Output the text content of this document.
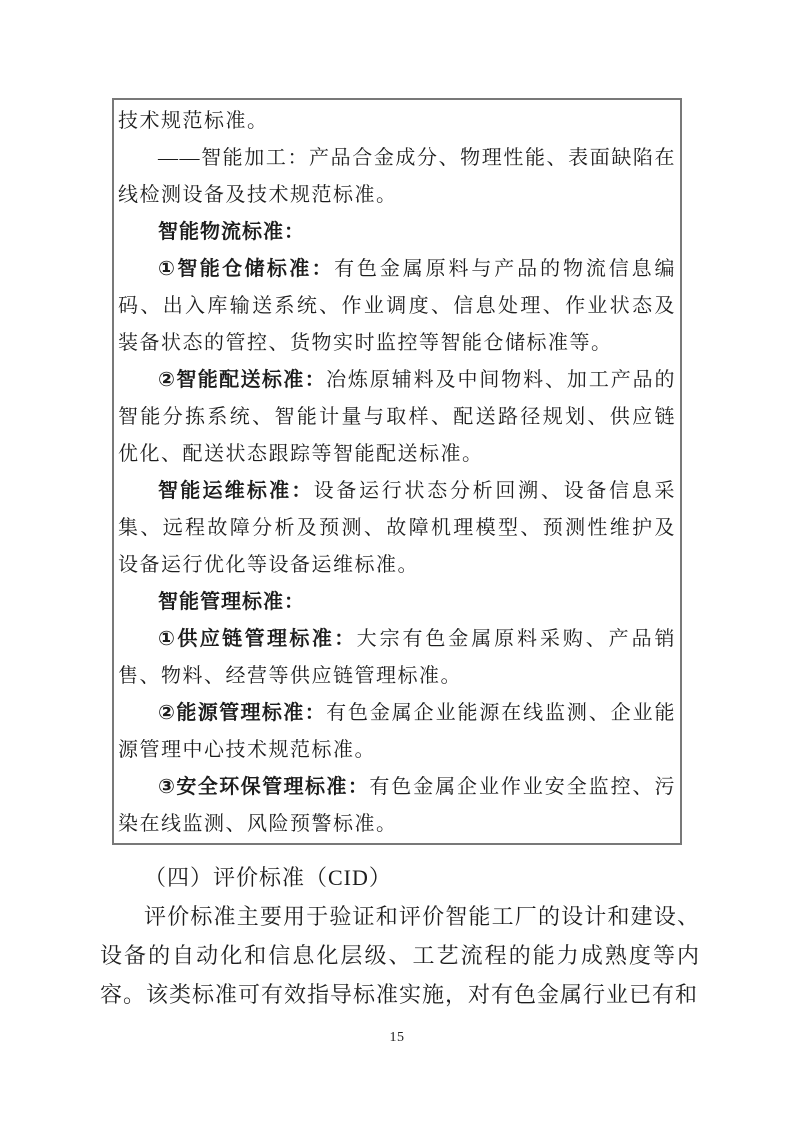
技术规范标准。

——智能加工：产品合金成分、物理性能、表面缺陷在线检测设备及技术规范标准。

智能物流标准：

①智能仓储标准：有色金属原料与产品的物流信息编码、出入库输送系统、作业调度、信息处理、作业状态及装备状态的管控、货物实时监控等智能仓储标准等。

②智能配送标准：冶炼原辅料及中间物料、加工产品的智能分拣系统、智能计量与取样、配送路径规划、供应链优化、配送状态跟踪等智能配送标准。

智能运维标准：设备运行状态分析回溯、设备信息采集、远程故障分析及预测、故障机理模型、预测性维护及设备运行优化等设备运维标准。

智能管理标准：

①供应链管理标准：大宗有色金属原料采购、产品销售、物料、经营等供应链管理标准。

②能源管理标准：有色金属企业能源在线监测、企业能源管理中心技术规范标准。

③安全环保管理标准：有色金属企业作业安全监控、污染在线监测、风险预警标准。

（四）评价标准（CID）

评价标准主要用于验证和评价智能工厂的设计和建设、设备的自动化和信息化层级、工艺流程的能力成熟度等内容。该类标准可有效指导标准实施，对有色金属行业已有和

15
